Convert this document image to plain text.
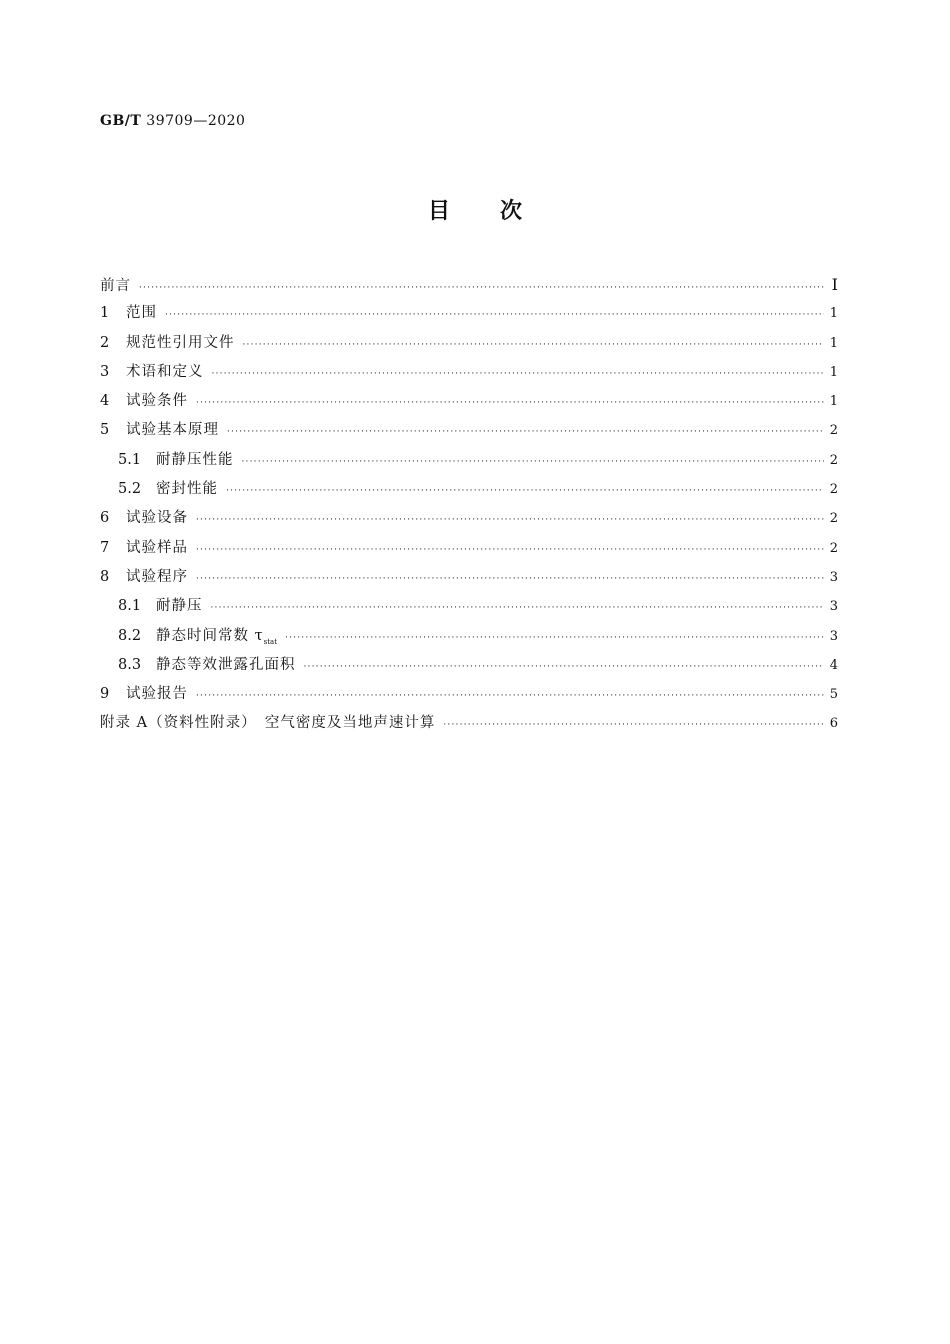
GB/T 39709—2020
目次
前言 ·····	Ⅰ
1	范围 ·····	1
2	规范性引用文件 ·····	1
3	术语和定义 ·····	1
4	试验条件 ·····	1
5	试验基本原理 ·····	2
5.1	耐静压性能 ·····	2
5.2	密封性能 ·····	2
6	试验设备 ·····	2
7	试验样品 ·····	2
8	试验程序 ·····	3
8.1	耐静压 ·····	3
8.2	静态时间常数 $\tau_{stat}$ ·····	3
8.3	静态等效泄露孔面积 ·····	4
9	试验报告 ·····	5
附录 A（资料性附录）　空气密度及当地声速计算 ·····	6
